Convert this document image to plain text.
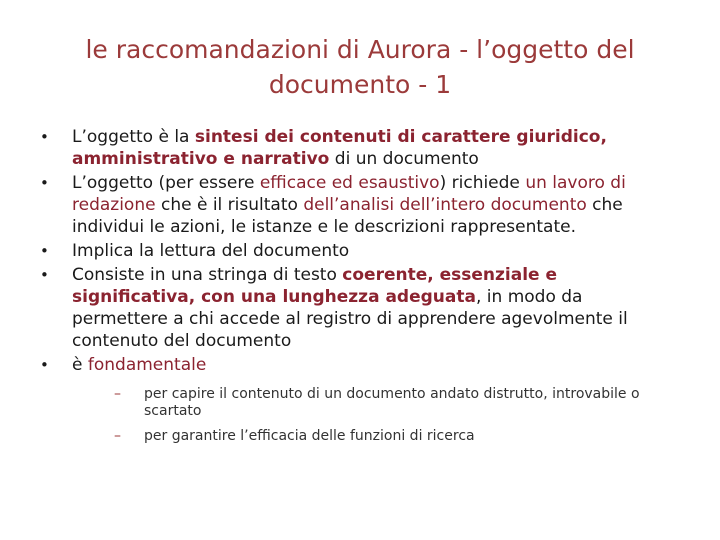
le raccomandazioni di Aurora - l’oggetto del
documento - 1
• L’oggetto è la sintesi dei contenuti di carattere giuridico, amministrativo e narrativo di un documento
• L’oggetto (per essere efficace ed esaustivo) richiede un lavoro di redazione che è il risultato dell’analisi dell’intero documento che individui le azioni, le istanze e le descrizioni rappresentate.
• Implica la lettura del documento
• Consiste in una stringa di testo coerente, essenziale e significativa, con una lunghezza adeguata, in modo da permettere a chi accede al registro di apprendere agevolmente il contenuto del documento
• è fondamentale
– per capire il contenuto di un documento andato distrutto, introvabile o scartato
– per garantire l’efficacia delle funzioni di ricerca
